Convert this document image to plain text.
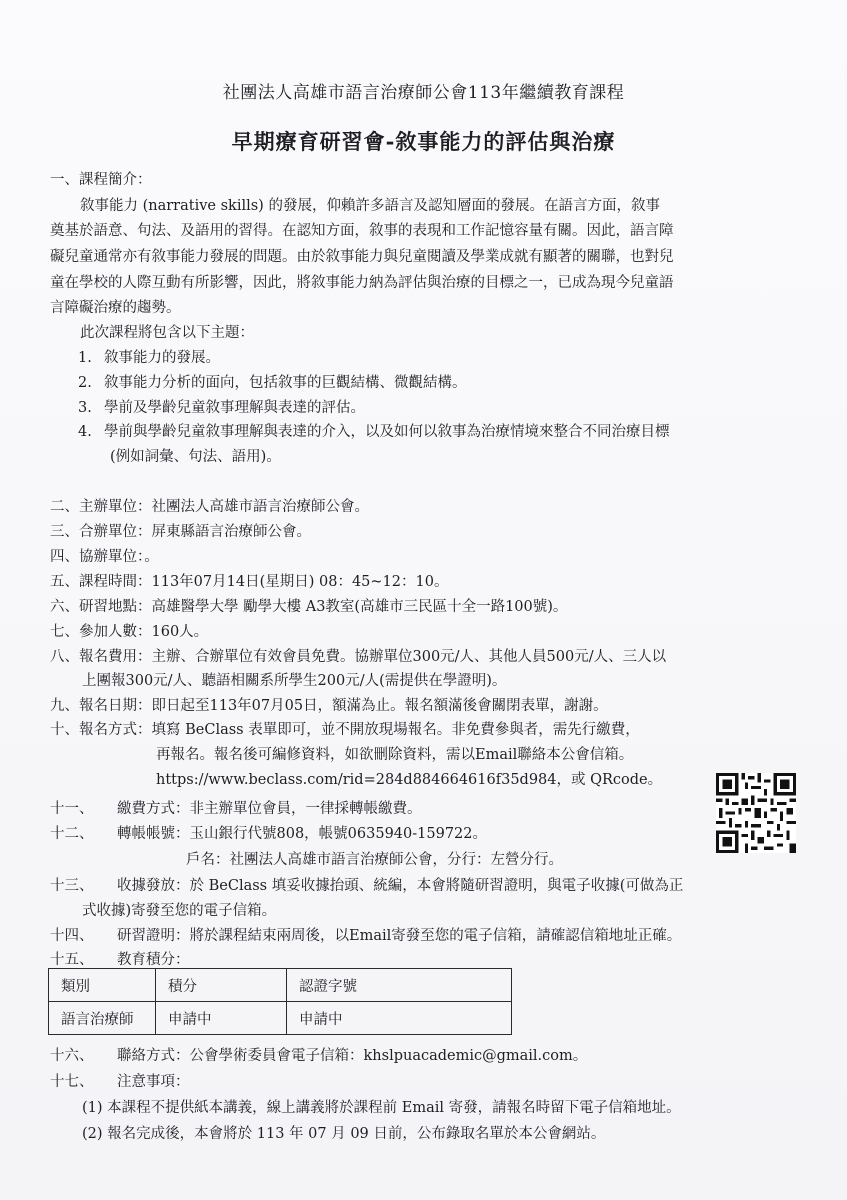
社團法人高雄市語言治療師公會113年繼續教育課程
早期療育研習會-敘事能力的評估與治療
一、課程簡介：
敘事能力 (narrative skills) 的發展，仰賴許多語言及認知層面的發展。在語言方面，敘事
奠基於語意、句法、及語用的習得。在認知方面，敘事的表現和工作記憶容量有關。因此，語言障
礙兒童通常亦有敘事能力發展的問題。由於敘事能力與兒童閱讀及學業成就有顯著的關聯，也對兒
童在學校的人際互動有所影響，因此，將敘事能力納為評估與治療的目標之一，已成為現今兒童語
言障礙治療的趨勢。
此次課程將包含以下主題：
1. 敘事能力的發展。
2. 敘事能力分析的面向，包括敘事的巨觀結構、微觀結構。
3. 學前及學齡兒童敘事理解與表達的評估。
4. 學前與學齡兒童敘事理解與表達的介入，以及如何以敘事為治療情境來整合不同治療目標
(例如詞彙、句法、語用)。
二、主辦單位：社團法人高雄市語言治療師公會。
三、合辦單位：屏東縣語言治療師公會。
四、協辦單位：。
五、課程時間：113年07月14日(星期日) 08：45~12：10。
六、研習地點：高雄醫學大學 勵學大樓 A3教室(高雄市三民區十全一路100號)。
七、參加人數：160人。
八、報名費用：主辦、合辦單位有效會員免費。協辦單位300元/人、其他人員500元/人、三人以
上團報300元/人、聽語相關系所學生200元/人(需提供在學證明)。
九、報名日期：即日起至113年07月05日，額滿為止。報名額滿後會關閉表單，謝謝。
十、報名方式：填寫 BeClass 表單即可，並不開放現場報名。非免費參與者，需先行繳費，
再報名。報名後可編修資料，如欲刪除資料，需以Email聯絡本公會信箱。
https://www.beclass.com/rid=284d884664616f35d984，或 QRcode。
十一、 繳費方式：非主辦單位會員，一律採轉帳繳費。
十二、 轉帳帳號：玉山銀行代號808，帳號0635940-159722。
戶名：社團法人高雄市語言治療師公會，分行：左營分行。
十三、 收據發放：於 BeClass 填妥收據抬頭、統編，本會將隨研習證明，與電子收據(可做為正
式收據)寄發至您的電子信箱。
十四、 研習證明：將於課程結束兩周後，以Email寄發至您的電子信箱，請確認信箱地址正確。
十五、 教育積分：
類別	積分	認證字號
語言治療師	申請中	申請中
十六、 聯絡方式：公會學術委員會電子信箱：khslpuacademic@gmail.com。
十七、 注意事項：
(1) 本課程不提供紙本講義，線上講義將於課程前 Email 寄發，請報名時留下電子信箱地址。
(2) 報名完成後，本會將於 113 年 07 月 09 日前，公布錄取名單於本公會網站。
